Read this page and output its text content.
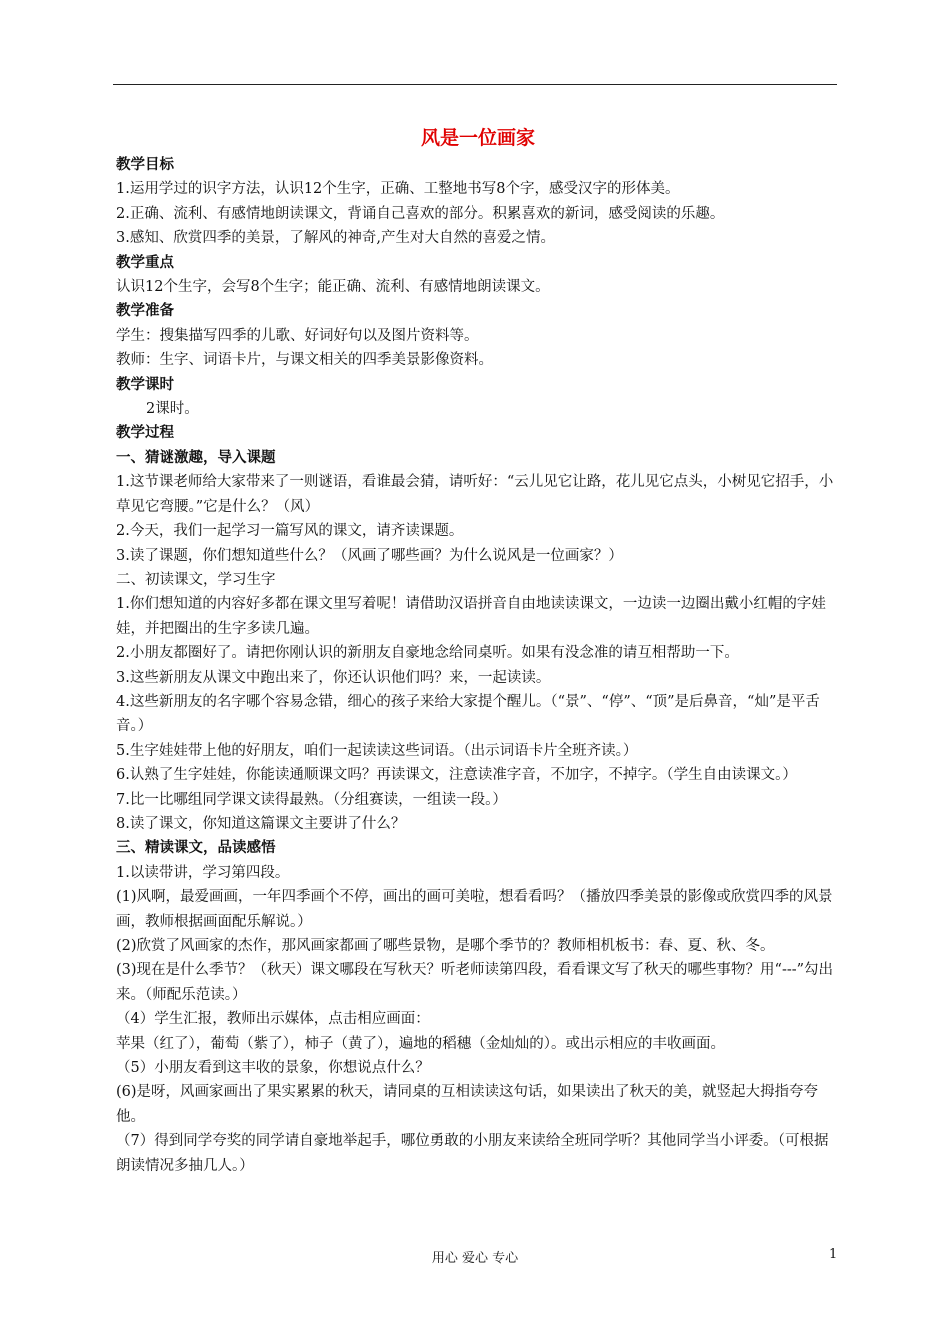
风是一位画家
教学目标
1.运用学过的识字方法，认识12个生字，正确、工整地书写8个字，感受汉字的形体美。
2.正确、流利、有感情地朗读课文，背诵自己喜欢的部分。积累喜欢的新词，感受阅读的乐趣。
3.感知、欣赏四季的美景，了解风的神奇,产生对大自然的喜爱之情。
教学重点
认识12个生字，会写8个生字；能正确、流利、有感情地朗读课文。
教学准备
学生：搜集描写四季的儿歌、好词好句以及图片资料等。
教师：生字、词语卡片，与课文相关的四季美景影像资料。
教学课时
2课时。
教学过程
一、猜谜激趣，导入课题
1.这节课老师给大家带来了一则谜语，看谁最会猜，请听好：“云儿见它让路，花儿见它点头，小树见它招手，小草见它弯腰。”它是什么？（风）
2.今天，我们一起学习一篇写风的课文，请齐读课题。
3.读了课题，你们想知道些什么？（风画了哪些画？为什么说风是一位画家？）
二、初读课文，学习生字
1.你们想知道的内容好多都在课文里写着呢！请借助汉语拼音自由地读读课文，一边读一边圈出戴小红帽的字娃娃，并把圈出的生字多读几遍。
2.小朋友都圈好了。请把你刚认识的新朋友自豪地念给同桌听。如果有没念准的请互相帮助一下。
3.这些新朋友从课文中跑出来了，你还认识他们吗？来，一起读读。
4.这些新朋友的名字哪个容易念错，细心的孩子来给大家提个醒儿。（“景”、“停”、“顶”是后鼻音，“灿”是平舌音。）
5.生字娃娃带上他的好朋友，咱们一起读读这些词语。（出示词语卡片全班齐读。）
6.认熟了生字娃娃，你能读通顺课文吗？再读课文，注意读准字音，不加字，不掉字。（学生自由读课文。）
7.比一比哪组同学课文读得最熟。（分组赛读，一组读一段。）
8.读了课文，你知道这篇课文主要讲了什么？
三、精读课文，品读感悟
1.以读带讲，学习第四段。
(1)风啊，最爱画画，一年四季画个不停，画出的画可美啦，想看看吗？（播放四季美景的影像或欣赏四季的风景画，教师根据画面配乐解说。）
(2)欣赏了风画家的杰作，那风画家都画了哪些景物，是哪个季节的？教师相机板书：春、夏、秋、冬。
(3)现在是什么季节？（秋天）课文哪段在写秋天？听老师读第四段，看看课文写了秋天的哪些事物？用“---”勾出来。（师配乐范读。）
（4）学生汇报，教师出示媒体，点击相应画面：
苹果（红了），葡萄（紫了），柿子（黄了），遍地的稻穗（金灿灿的）。或出示相应的丰收画面。
（5）小朋友看到这丰收的景象，你想说点什么？
(6)是呀，风画家画出了果实累累的秋天，请同桌的互相读读这句话，如果读出了秋天的美，就竖起大拇指夸夸他。
（7）得到同学夸奖的同学请自豪地举起手，哪位勇敢的小朋友来读给全班同学听？其他同学当小评委。（可根据朗读情况多抽几人。）
用心 爱心 专心	1
